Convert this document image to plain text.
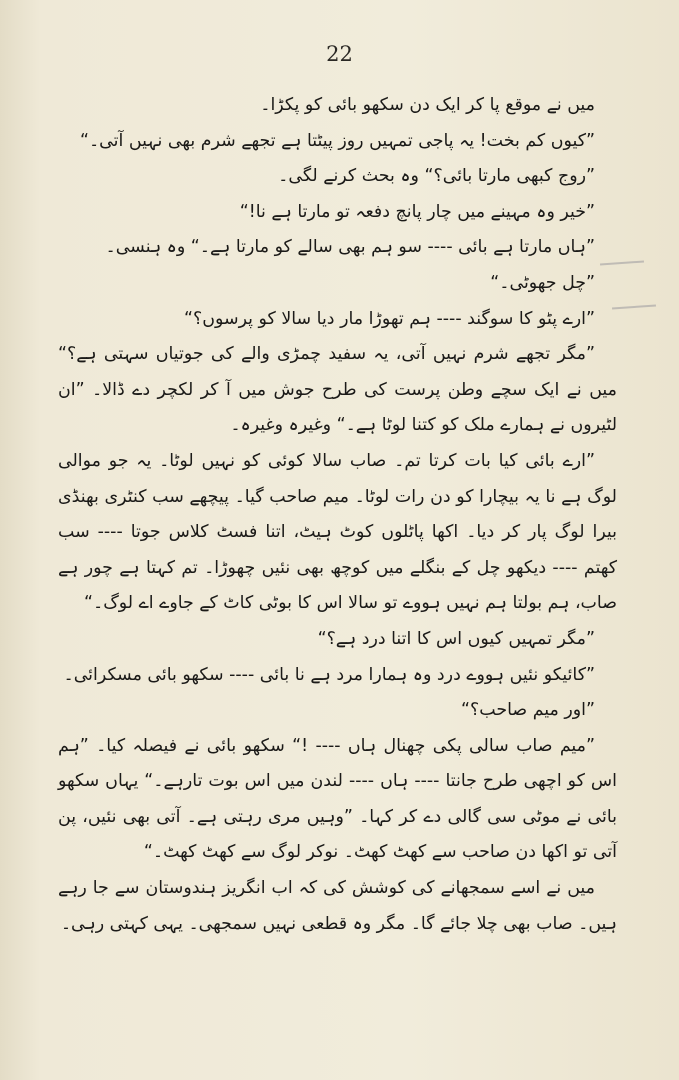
22

میں نے موقع پا کر ایک دن سکھو بائی کو پکڑا۔

”کیوں کم بخت! یہ پاجی تمہیں روز پیٹتا ہے تجھے شرم بھی نہیں آتی۔“

”روج کبھی مارتا بائی؟“ وہ بحث کرنے لگی۔

”خیر وہ مہینے میں چار پانچ دفعہ تو مارتا ہے نا!“

”ہاں مارتا ہے بائی ---- سو ہم بھی سالے کو مارتا ہے۔“ وہ ہنسی۔

”چل جھوٹی۔“

”ارے پٹو کا سوگند ---- ہم تھوڑا مار دیا سالا کو پرسوں؟“

”مگر تجھے شرم نہیں آتی، یہ سفید چمڑی والے کی جوتیاں سہتی ہے؟“ میں نے ایک سچے وطن پرست کی طرح جوش میں آ کر لکچر دے ڈالا۔ ”ان لٹیروں نے ہمارے ملک کو کتنا لوٹا ہے۔“ وغیرہ وغیرہ۔

”ارے بائی کیا بات کرتا تم۔ صاب سالا کوئی کو نہیں لوٹا۔ یہ جو موالی لوگ ہے نا یہ بیچارا کو دن رات لوٹا۔ میم صاحب گیا۔ پیچھے سب کنٹری بھنڈی بیرا لوگ پار کر دیا۔ اکھا پاٹلوں کوٹ ہیٹ، اتنا فسٹ کلاس جوتا ---- سب کھتم ---- دیکھو چل کے بنگلے میں کوچھ بھی نئیں چھوڑا۔ تم کہتا ہے چور ہے صاب، ہم بولتا ہم نہیں ہووے تو سالا اس کا بوٹی کاٹ کے جاوے اے لوگ۔“

”مگر تمہیں کیوں اس کا اتنا درد ہے؟“

”کائیکو نئیں ہووے درد وہ ہمارا مرد ہے نا بائی ---- سکھو بائی مسکرائی۔

”اور میم صاحب؟“

”میم صاب سالی پکی چھنال ہاں ---- !“ سکھو بائی نے فیصلہ کیا۔ ”ہم اس کو اچھی طرح جانتا ---- ہاں ---- لندن میں اس بوت تارہے۔“ یہاں سکھو بائی نے موٹی سی گالی دے کر کہا۔ ”وہیں مری رہتی ہے۔ آتی بھی نئیں، پن آتی تو اکھا دن صاحب سے کھٹ کھٹ۔ نوکر لوگ سے کھٹ کھٹ۔“

میں نے اسے سمجھانے کی کوشش کی کہ اب انگریز ہندوستان سے جا رہے ہیں۔ صاب بھی چلا جائے گا۔ مگر وہ قطعی نہیں سمجھی۔ یہی کہتی رہی۔
